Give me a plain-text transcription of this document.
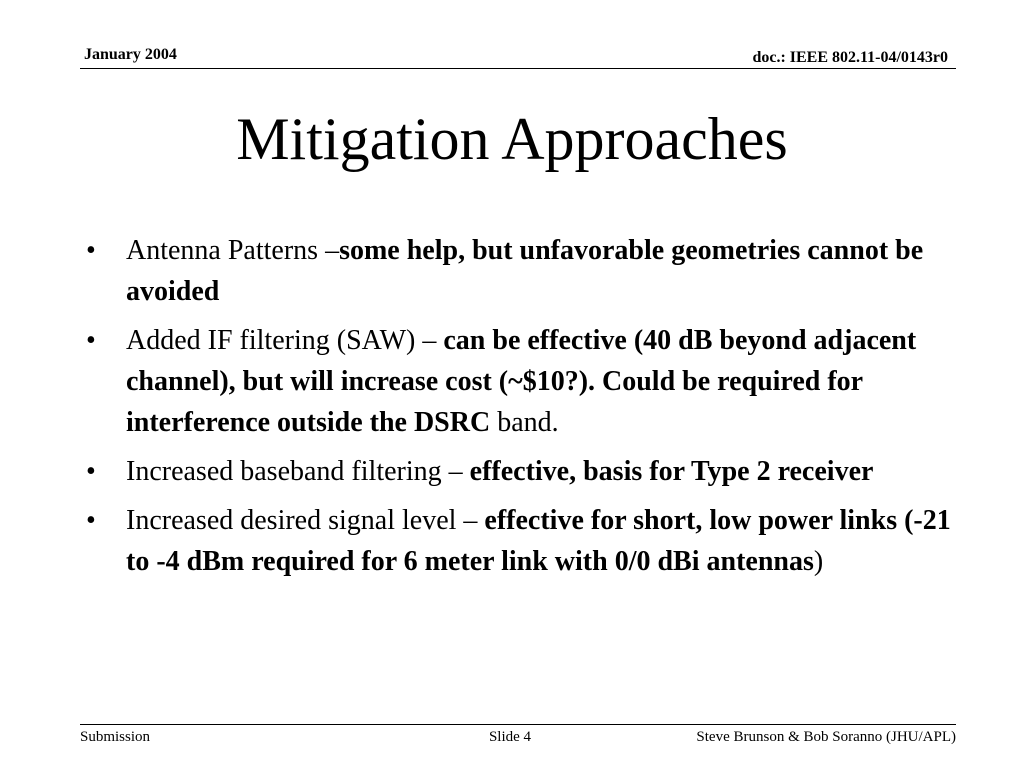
January 2004	doc.: IEEE 802.11-04/0143r0
Mitigation Approaches
• Antenna Patterns –some help, but unfavorable geometries cannot be avoided
• Added IF filtering (SAW) – can be effective (40 dB beyond adjacent channel), but will increase cost (~$10?). Could be required for interference outside the DSRC band.
• Increased baseband filtering – effective, basis for Type 2 receiver
• Increased desired signal level – effective for short, low power links (-21 to -4 dBm required for 6 meter link with 0/0 dBi antennas)
Submission	Slide 4	Steve Brunson & Bob Soranno (JHU/APL)
